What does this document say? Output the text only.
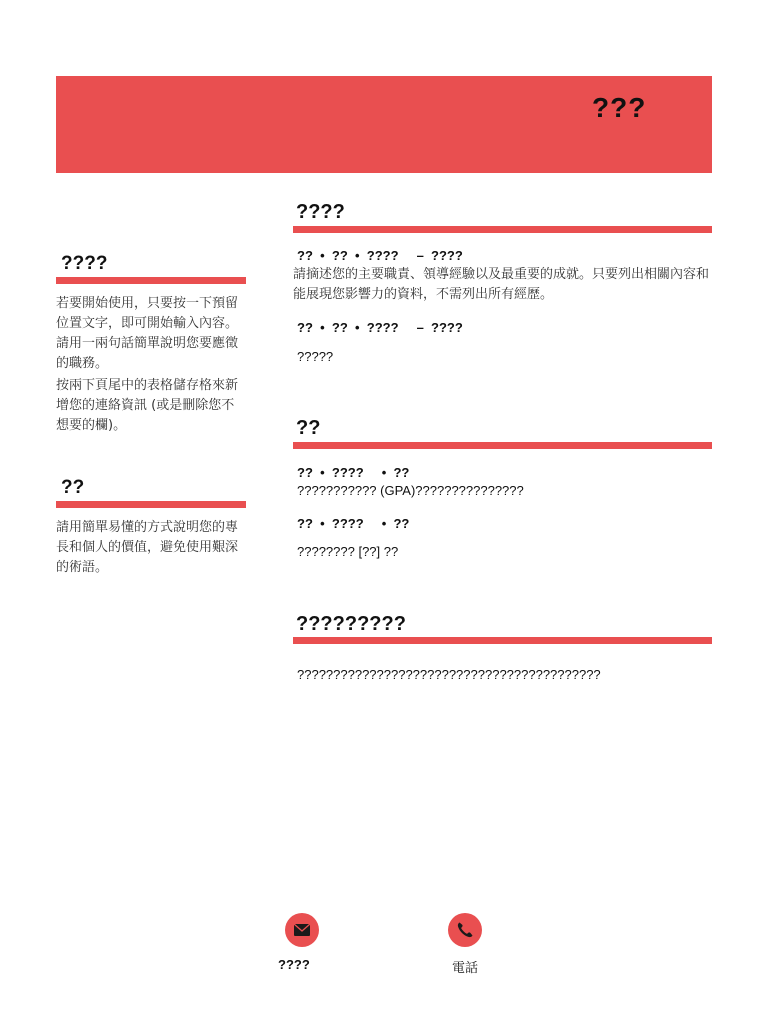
???
????

若要開始使用，只要按一下預留位置文字，即可開始輸入內容。請用一兩句話簡單說明您要應徵的職務。

按兩下頁尾中的表格儲存格來新增您的連絡資訊 (或是刪除您不想要的欄)。

??

請用簡單易懂的方式說明您的專長和個人的價值，避免使用艱深的術語。

????
??  •  ??  •  ????     –  ????

請摘述您的主要職責、領導經驗以及最重要的成就。只要列出相關內容和能展現您影響力的資料，不需列出所有經歷。

??  •  ??  •  ????     –  ????
?????
??
??  •  ????     •  ??
??????????? (GPA)???????????????
??  •  ????     •  ??
???????? [??] ??
?????????
??????????????????????????????????????????
????	電話
